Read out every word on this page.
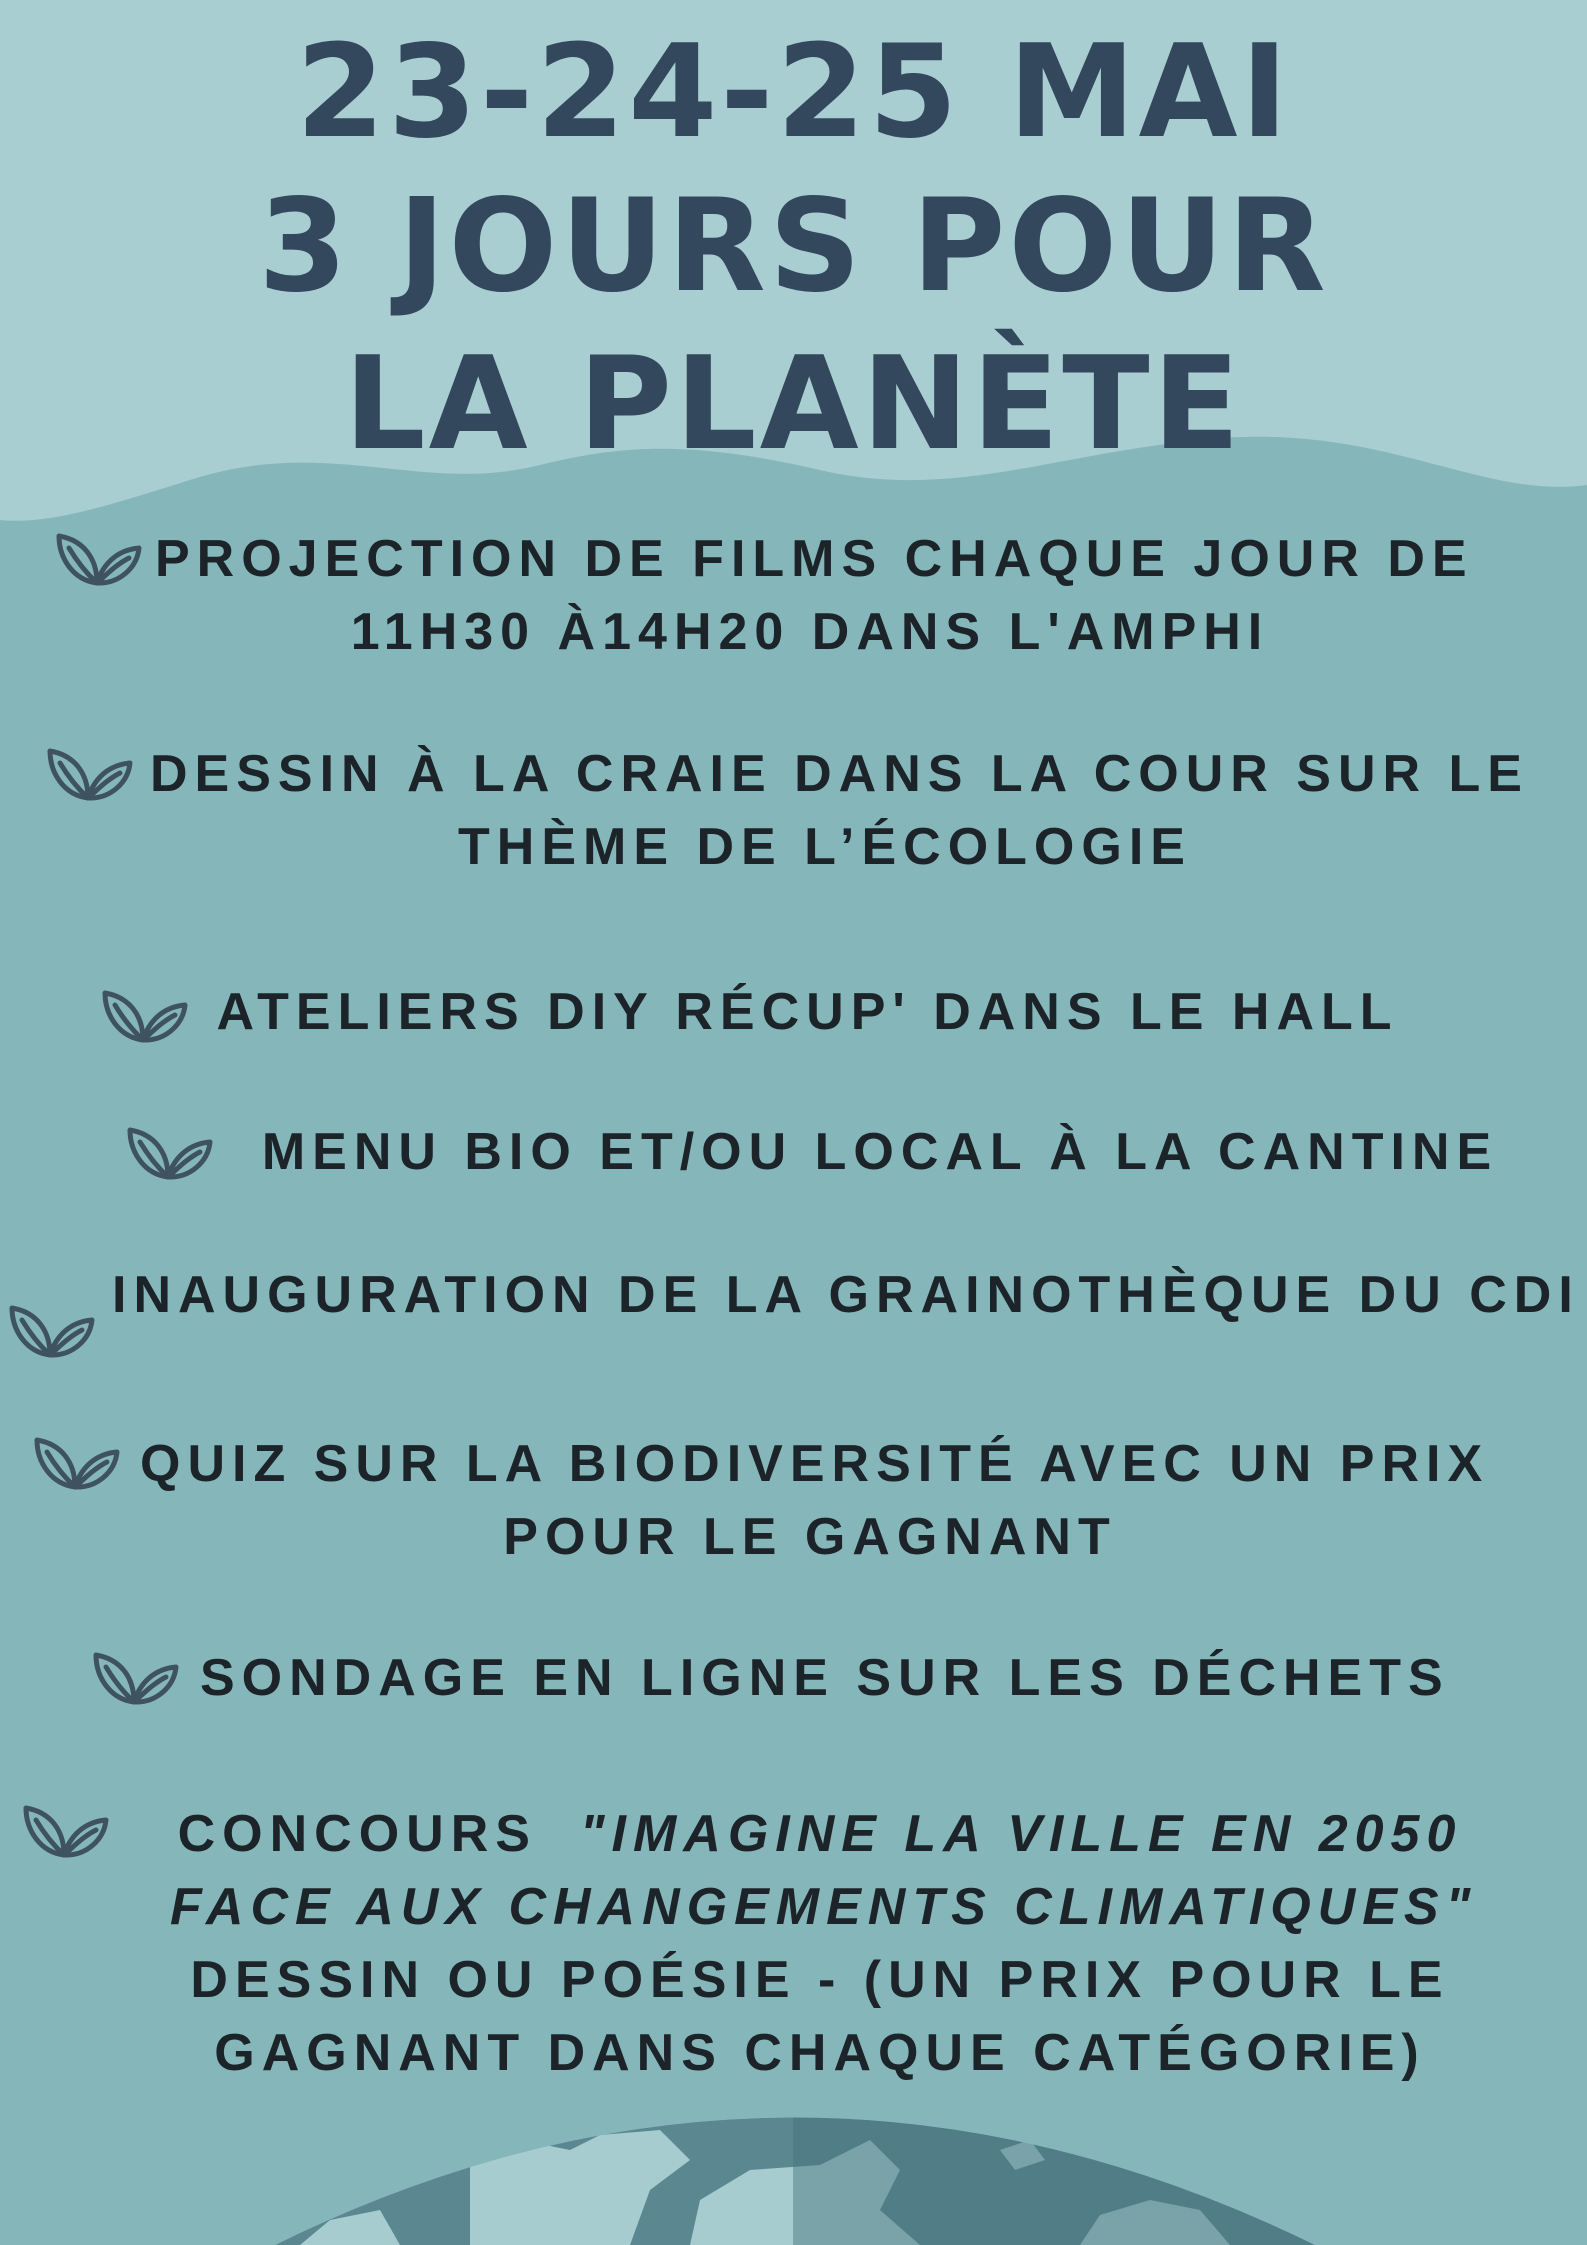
23-24-25 MAI
3 JOURS POUR
LA PLANÈTE
PROJECTION DE FILMS CHAQUE JOUR DE
11H30 À14H20 DANS L'AMPHI
DESSIN À LA CRAIE DANS LA COUR SUR LE
THÈME DE L’ÉCOLOGIE
ATELIERS DIY RÉCUP' DANS LE HALL
MENU BIO ET/OU LOCAL À LA CANTINE
INAUGURATION DE LA GRAINOTHÈQUE DU CDI
QUIZ SUR LA BIODIVERSITÉ AVEC UN PRIX
POUR LE GAGNANT
SONDAGE EN LIGNE SUR LES DÉCHETS
CONCOURS "IMAGINE LA VILLE EN 2050
FACE AUX CHANGEMENTS CLIMATIQUES"
DESSIN OU POÉSIE - (UN PRIX POUR LE
GAGNANT DANS CHAQUE CATÉGORIE)
